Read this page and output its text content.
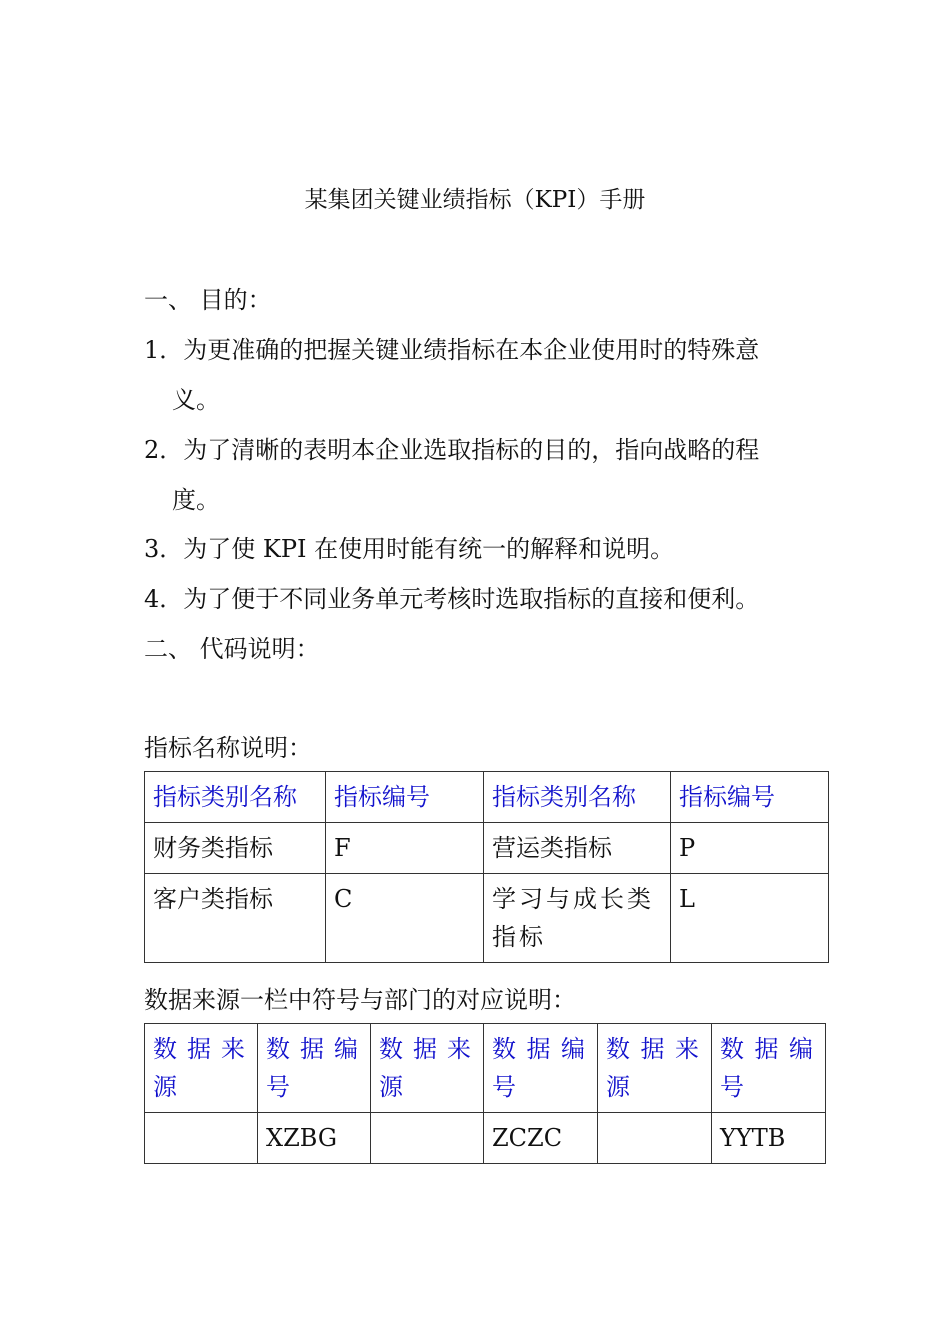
某集团关键业绩指标（KPI）手册
一、 目的：
1．为更准确的把握关键业绩指标在本企业使用时的特殊意
义。
2．为了清晰的表明本企业选取指标的目的，指向战略的程
度。
3．为了使 KPI 在使用时能有统一的解释和说明。
4．为了便于不同业务单元考核时选取指标的直接和便利。
二、 代码说明：
指标名称说明：
指标类别名称	指标编号	指标类别名称	指标编号
财务类指标	F	营运类指标	P
客户类指标	C	学习与成长类指标	L
数据来源一栏中符号与部门的对应说明：
数据来源	数据编号	数据来源	数据编号	数据来源	数据编号
	XZBG		ZCZC		YYTB
